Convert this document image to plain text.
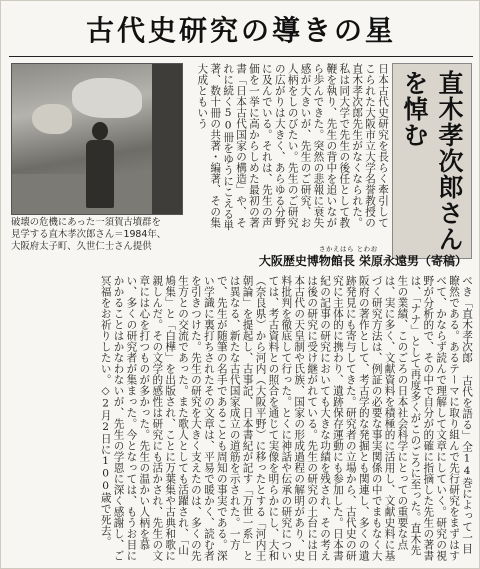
古代史研究の導きの星
破壊の危機にあった一須賀古墳群を
見学する直木孝次郎さん＝1984年、
大阪府太子町、久世仁士さん提供
日本古代史研究を長らく牽引してこられた大阪市立大学名誉教授の直木孝次郎先生がなくなられた。私は同大学で先生の後任として教鞭を執り、先生の背中を追いながら歩んできた。突然の悲報に衰失感が大きいが、先生のご研究、お人柄をしのびたい。先生のご研究の広がりは大きく、あらゆる分野に及んでいる。それは、先生の声価を一挙に高からしめた最初の著書「日本古代国家の構造」や、それに続く50冊をゆうにこえる単著、数十冊の共著・編著、その集大成ともいう	直木孝次郎さんを悼む
さかえはら とわお
大阪歴史博物館長 栄原永遠男（寄稿）
べき「直木孝次郎 古代を語る」全14巻によって一目瞭然である。あるテーマに取り組んで先行研究をまずはすべて、かならず読んで理解して文章にしていく。研究の視野が分析的で、その中で自分が的確に指摘した先生の著書は、「ナナ」として再度多くがこのごろに至った。直木先生の業績、このごろの日本社会科学にとっての重要な点は、実に多く、文献資料を積極的に活用し、文献史料に基づく研究方法は、例証の必要な事実関係の中でまもなく大阪府の著作として、考古学的な発掘とも関連し、多くの遺跡発見にも寄与してきた。研究者の立場から、古代史の研究に主体的に携わり、遺跡保存運動にも参加した。日本書紀の記事の研究においても大きな功績を残され、その考えは後の研究に受け継がれている。先生の研究の土台には日本古代の天皇制や氏族、国家の形成過程の解明があり、史料批判を徹底して行った。とくに神話や伝承の研究については、考古資料との照合を通じて実像を明らかにし、大和（奈良県）から河内（大阪平野）に移ったとする「河内王朝論」を提起し、古事記、日本書紀が記す「万世一系」とは異なる、新たな古代国家成立の道筋を示された。一方で、先生が随筆の名手であることも周知の事実である。深い学識に裏打ちされたその文章は、平易で暖かく、読む者を引きつけた。先生の研究を大きく支えたのは、多くの先生方との交流であった。また歌人としても活躍され、「山鳩集」と「白樺」を出版され、ことに万葉集や古典和歌に親しんだ。その文学的感性は研究にも活かされ、先生の文章には心を打つものが多かった。先生の温かい人柄を慕い、多くの研究者が集まった。今となっては、もうお目にかかることはかなわないが、先生の学恩に深く感謝し、ご冥福をお祈りしたい。◇2月2日に100歳で死去。
